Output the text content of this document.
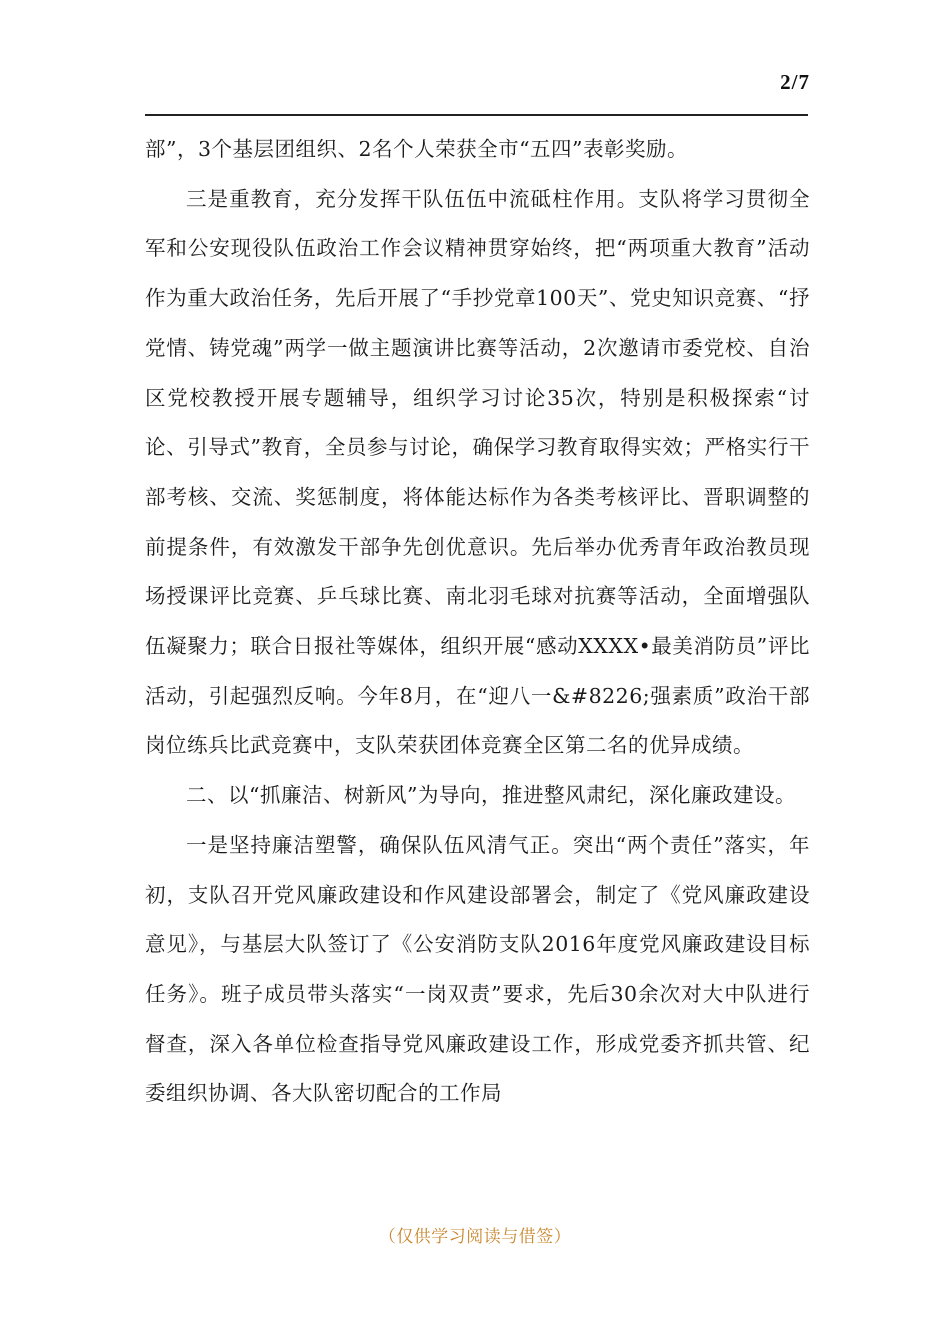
2/7

部”，3个基层团组织、2名个人荣获全市“五四”表彰奖励。

三是重教育，充分发挥干队伍伍中流砥柱作用。支队将学习贯彻全军和公安现役队伍政治工作会议精神贯穿始终，把“两项重大教育”活动作为重大政治任务，先后开展了“手抄党章100天”、党史知识竞赛、“抒党情、铸党魂”两学一做主题演讲比赛等活动，2次邀请市委党校、自治区党校教授开展专题辅导，组织学习讨论35次，特别是积极探索“讨论、引导式”教育，全员参与讨论，确保学习教育取得实效；严格实行干部考核、交流、奖惩制度，将体能达标作为各类考核评比、晋职调整的前提条件，有效激发干部争先创优意识。先后举办优秀青年政治教员现场授课评比竞赛、乒乓球比赛、南北羽毛球对抗赛等活动，全面增强队伍凝聚力；联合日报社等媒体，组织开展“感动XXXX•最美消防员”评比活动，引起强烈反响。今年8月，在“迎八一&#8226;强素质”政治干部岗位练兵比武竞赛中，支队荣获团体竞赛全区第二名的优异成绩。

二、以“抓廉洁、树新风”为导向，推进整风肃纪，深化廉政建设。

一是坚持廉洁塑警，确保队伍风清气正。突出“两个责任”落实，年初，支队召开党风廉政建设和作风建设部署会，制定了《党风廉政建设意见》，与基层大队签订了《公安消防支队2016年度党风廉政建设目标任务》。班子成员带头落实“一岗双责”要求，先后30余次对大中队进行督查，深入各单位检查指导党风廉政建设工作，形成党委齐抓共管、纪委组织协调、各大队密切配合的工作局

（仅供学习阅读与借签）
